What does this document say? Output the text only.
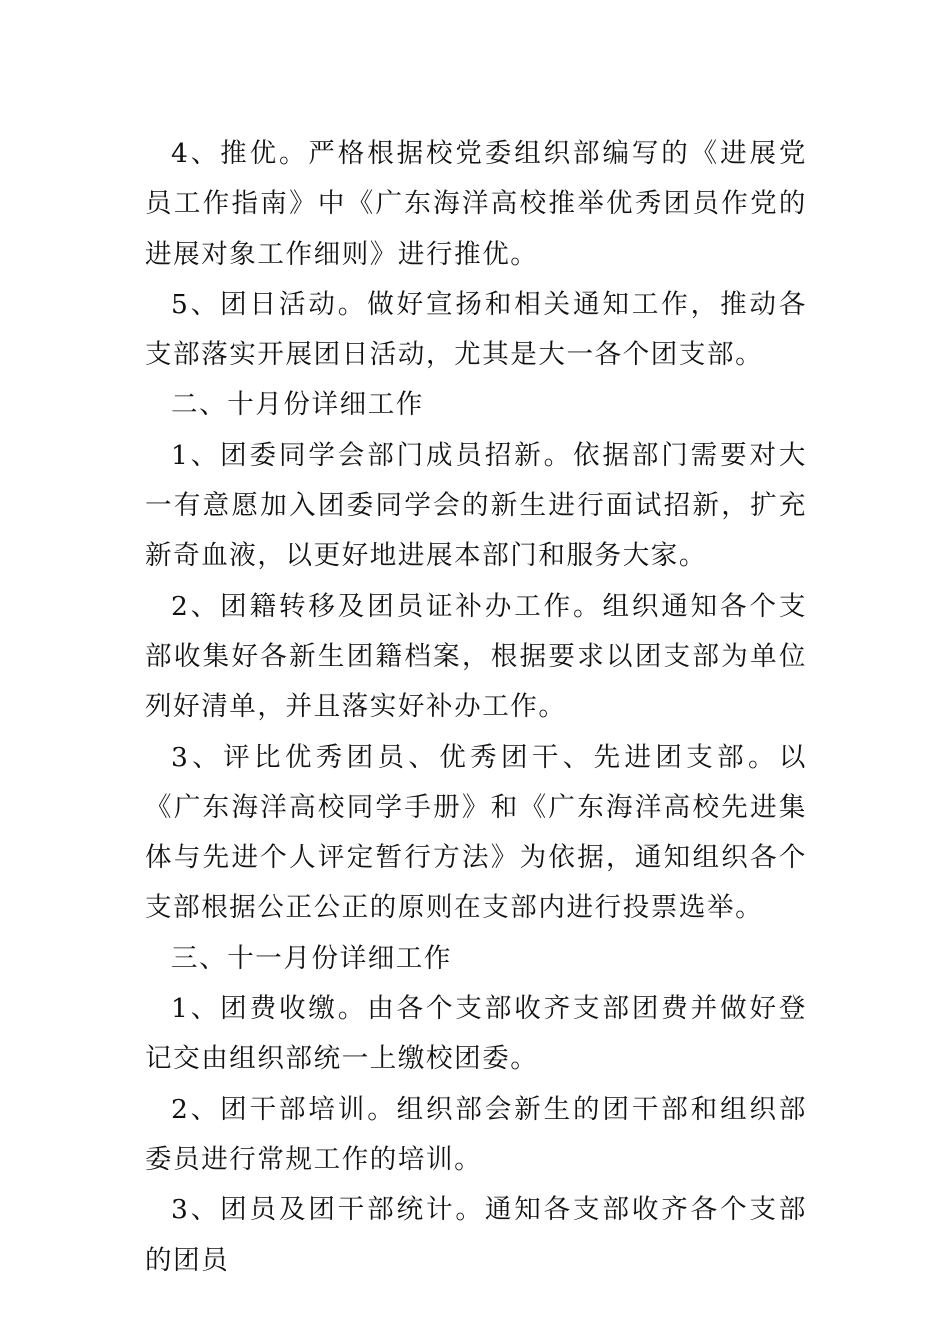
4、推优。严格根据校党委组织部编写的《进展党员工作指南》中《广东海洋高校推举优秀团员作党的进展对象工作细则》进行推优。

5、团日活动。做好宣扬和相关通知工作，推动各支部落实开展团日活动，尤其是大一各个团支部。

二、十月份详细工作

1、团委同学会部门成员招新。依据部门需要对大一有意愿加入团委同学会的新生进行面试招新，扩充新奇血液，以更好地进展本部门和服务大家。

2、团籍转移及团员证补办工作。组织通知各个支部收集好各新生团籍档案，根据要求以团支部为单位列好清单，并且落实好补办工作。

3、评比优秀团员、优秀团干、先进团支部。以《广东海洋高校同学手册》和《广东海洋高校先进集体与先进个人评定暂行方法》为依据，通知组织各个支部根据公正公正的原则在支部内进行投票选举。

三、十一月份详细工作

1、团费收缴。由各个支部收齐支部团费并做好登记交由组织部统一上缴校团委。

2、团干部培训。组织部会新生的团干部和组织部委员进行常规工作的培训。

3、团员及团干部统计。通知各支部收齐各个支部的团员
